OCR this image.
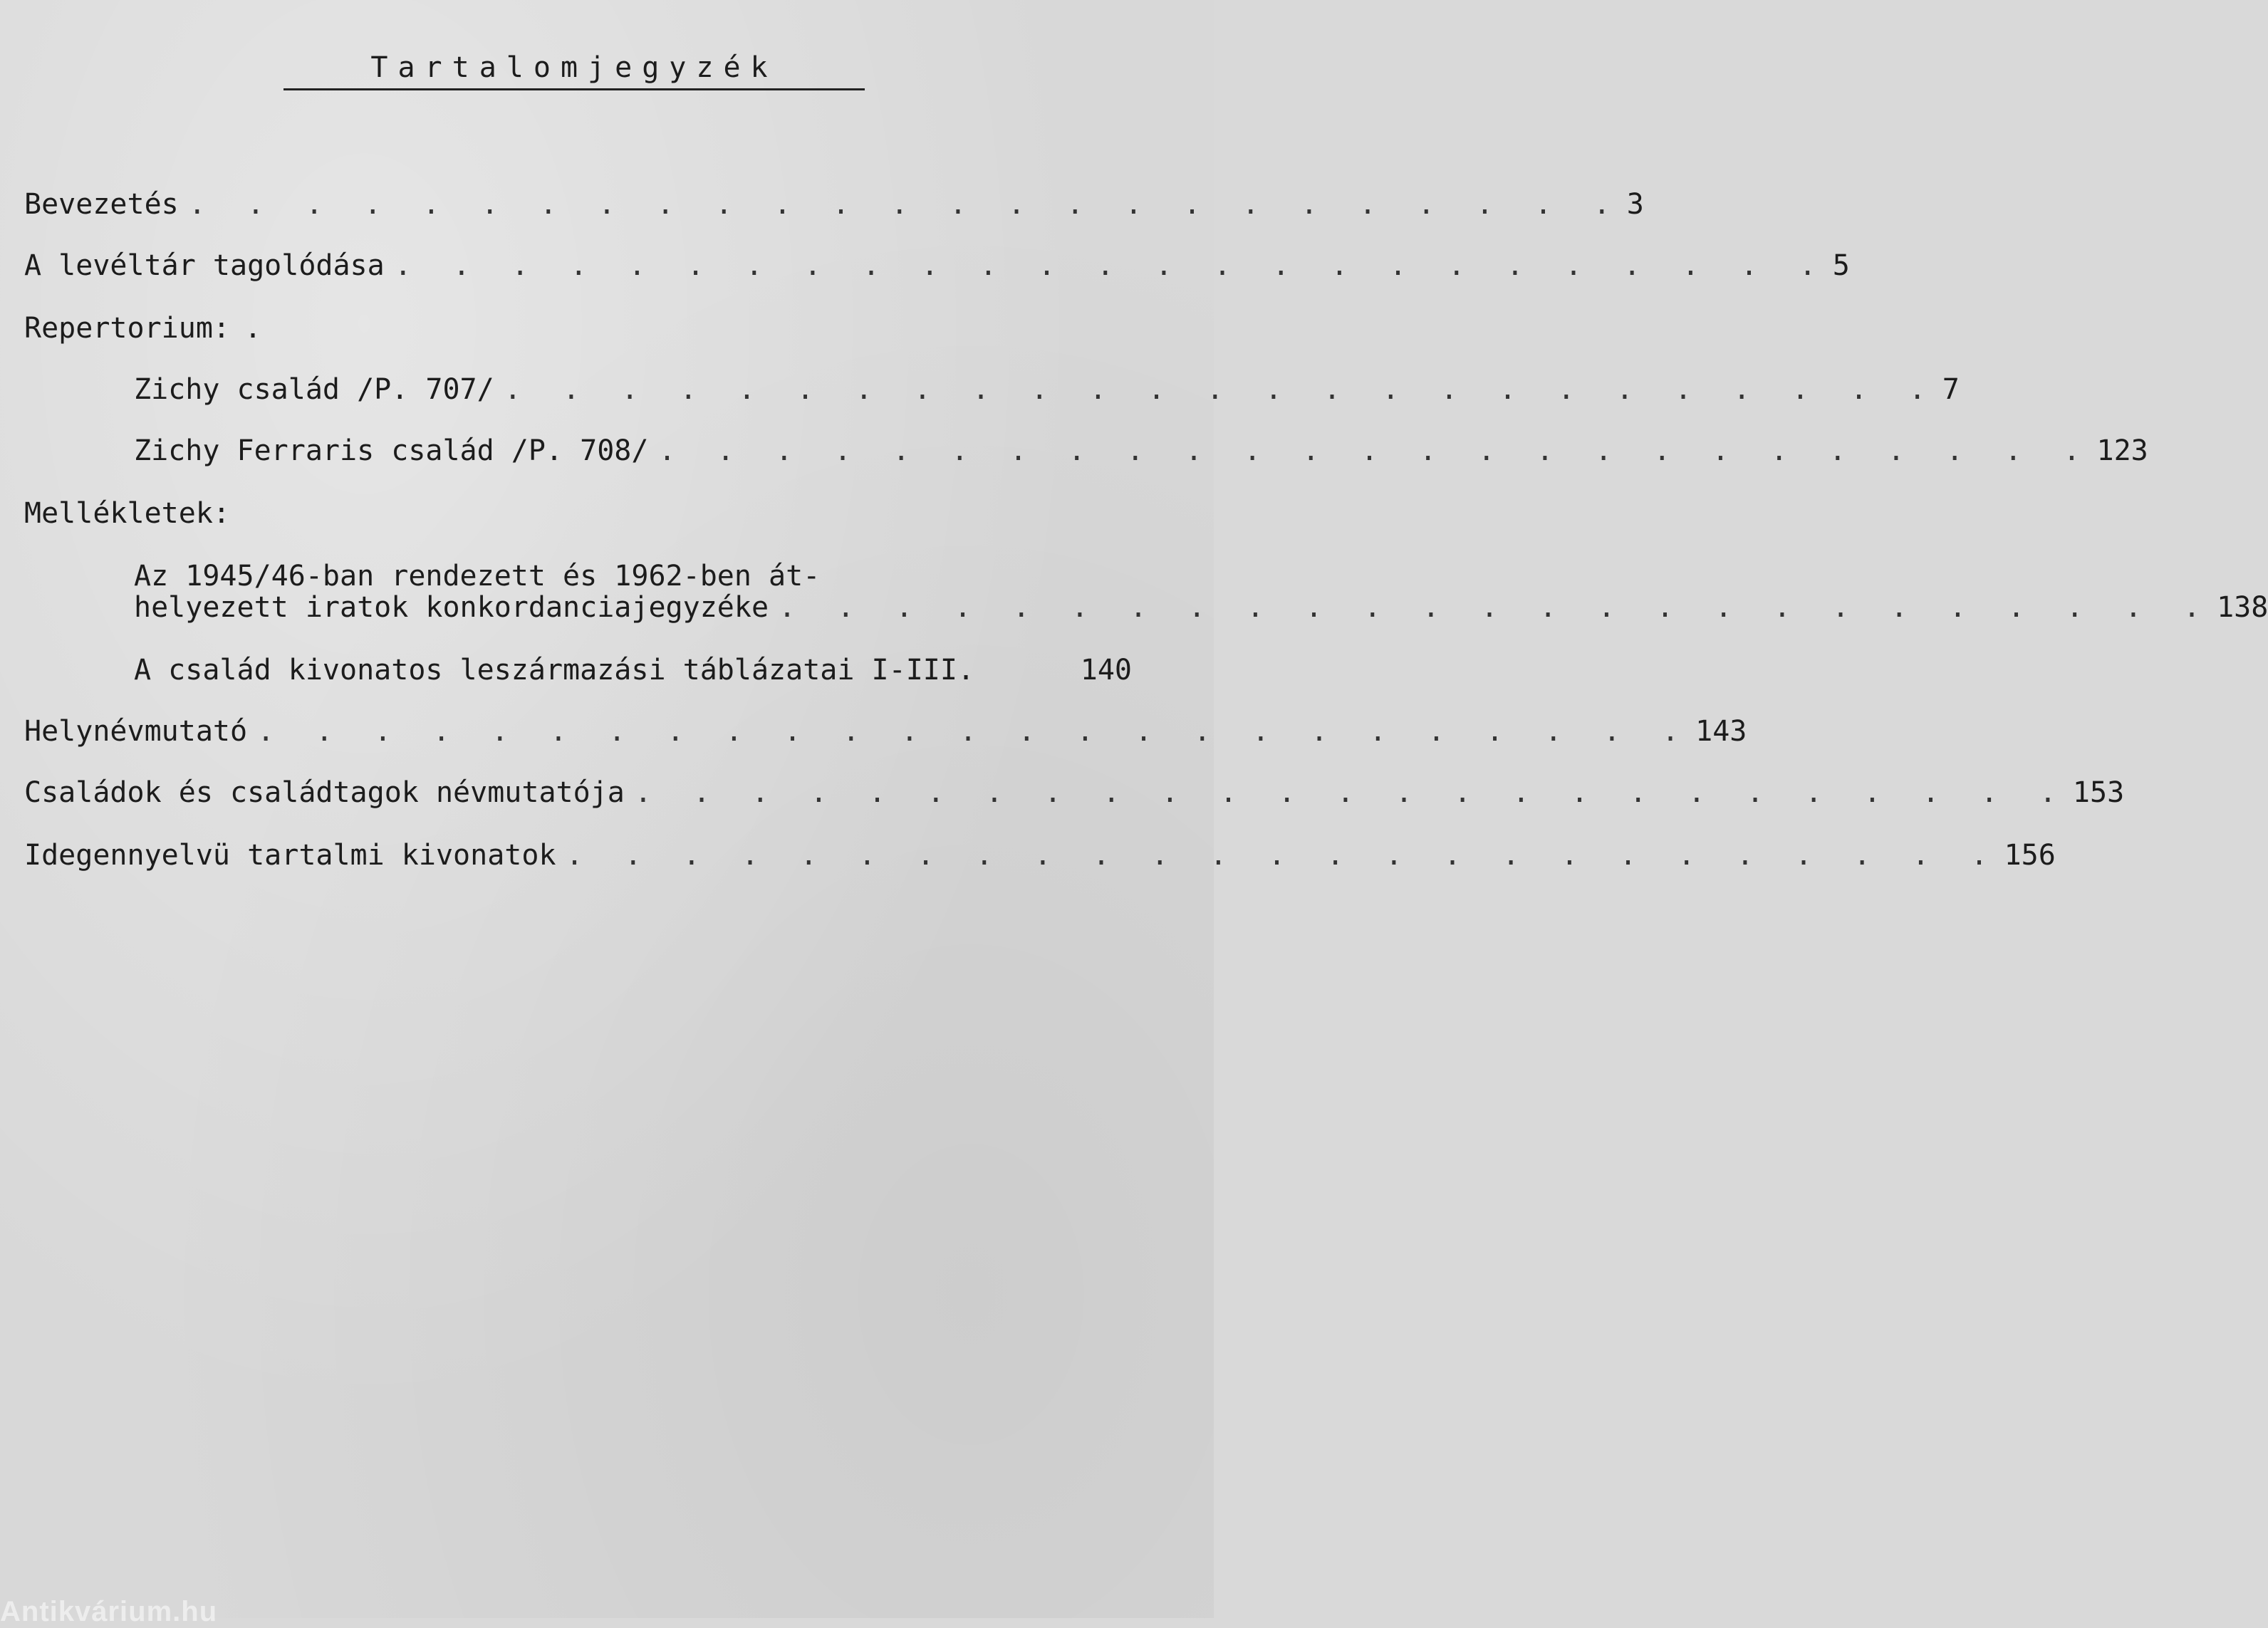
Tartalomjegyzék
Bevezetés . . . . . . . . . . . . . . . . . . . . . . . . . 3
A levéltár tagolódása . . . . . . . . . . . . . . . . . . . . . . . . . 5
Repertorium: .
Zichy család /P. 707/ . . . . . . . . . . . . . . . . . . . . . . . . . 7
Zichy Ferraris család /P. 708/ . . . . . . . . . . . . . . . . . . . . . . . . . 123
Mellékletek:
Az 1945/46-ban rendezett és 1962-ben át-
helyezett iratok konkordanciajegyzéke . . . . . . . . . . . . . . . . . . . . . . . . . 138
A család kivonatos leszármazási táblázatai I-III.	140
Helynévmutató . . . . . . . . . . . . . . . . . . . . . . . . . 143
Családok és családtagok névmutatója . . . . . . . . . . . . . . . . . . . . . . . . . 153
Idegennyelvü tartalmi kivonatok . . . . . . . . . . . . . . . . . . . . . . . . . 156
Antikvárium.hu
